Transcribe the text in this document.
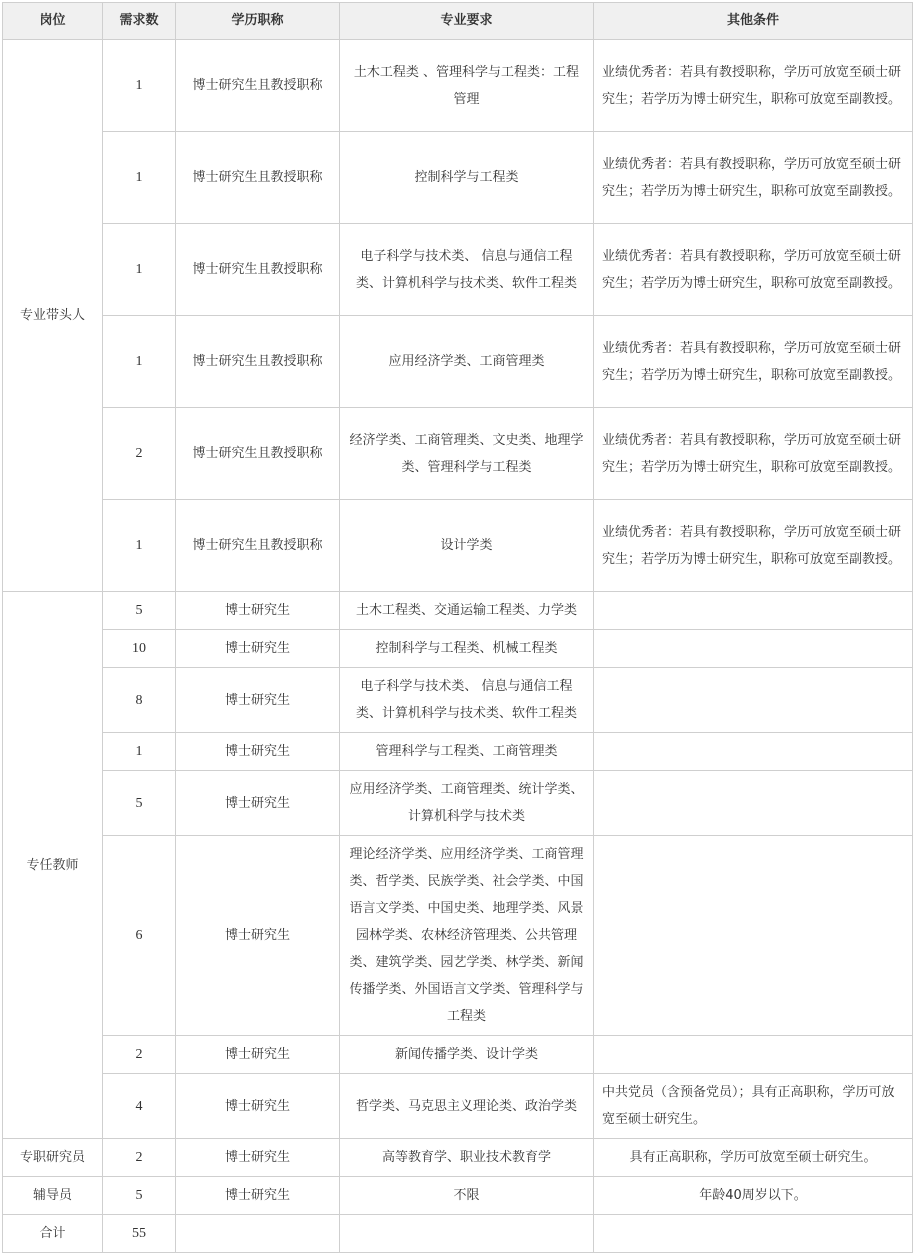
岗位	需求数	学历职称	专业要求	其他条件
专业带头人	1	博士研究生且教授职称	土木工程类 、管理科学与工程类：工程管理	业绩优秀者：若具有教授职称，学历可放宽至硕士研究生；若学历为博士研究生，职称可放宽至副教授。
	1	博士研究生且教授职称	控制科学与工程类	业绩优秀者：若具有教授职称，学历可放宽至硕士研究生；若学历为博士研究生，职称可放宽至副教授。
	1	博士研究生且教授职称	电子科学与技术类、 信息与通信工程类、计算机科学与技术类、软件工程类	业绩优秀者：若具有教授职称，学历可放宽至硕士研究生；若学历为博士研究生，职称可放宽至副教授。
	1	博士研究生且教授职称	应用经济学类、工商管理类	业绩优秀者：若具有教授职称，学历可放宽至硕士研究生；若学历为博士研究生，职称可放宽至副教授。
	2	博士研究生且教授职称	经济学类、工商管理类、文史类、地理学类、管理科学与工程类	业绩优秀者：若具有教授职称，学历可放宽至硕士研究生；若学历为博士研究生，职称可放宽至副教授。
	1	博士研究生且教授职称	设计学类	业绩优秀者：若具有教授职称，学历可放宽至硕士研究生；若学历为博士研究生，职称可放宽至副教授。
专任教师	5	博士研究生	土木工程类、交通运输工程类、力学类	
	10	博士研究生	控制科学与工程类、机械工程类	
	8	博士研究生	电子科学与技术类、 信息与通信工程类、计算机科学与技术类、软件工程类	
	1	博士研究生	管理科学与工程类、工商管理类	
	5	博士研究生	应用经济学类、工商管理类、统计学类、计算机科学与技术类	
	6	博士研究生	理论经济学类、应用经济学类、工商管理类、哲学类、民族学类、社会学类、中国语言文学类、中国史类、地理学类、风景园林学类、农林经济管理类、公共管理类、建筑学类、园艺学类、林学类、新闻传播学类、外国语言文学类、管理科学与工程类	
	2	博士研究生	新闻传播学类、设计学类	
	4	博士研究生	哲学类、马克思主义理论类、政治学类	中共党员（含预备党员）；具有正高职称，学历可放宽至硕士研究生。
专职研究员	2	博士研究生	高等教育学、职业技术教育学	具有正高职称，学历可放宽至硕士研究生。
辅导员	5	博士研究生	不限	年龄40周岁以下。
合计	55			
